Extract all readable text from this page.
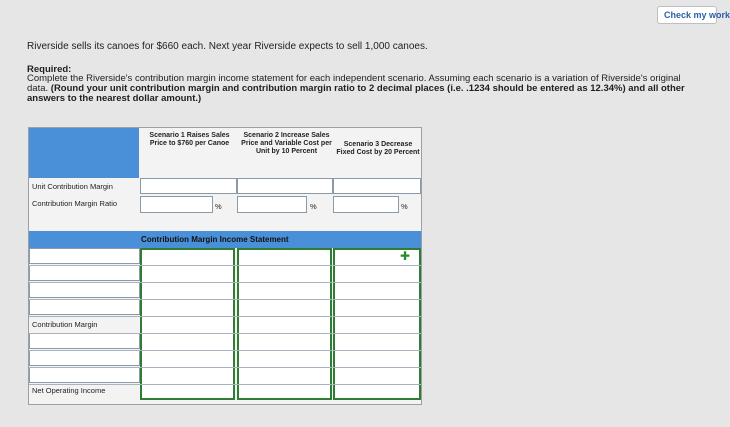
Check my work
Riverside sells its canoes for $660 each. Next year Riverside expects to sell 1,000 canoes.
Required:
Complete the Riverside's contribution margin income statement for each independent scenario. Assuming each scenario is a variation of Riverside's original data. (Round your unit contribution margin and contribution margin ratio to 2 decimal places (i.e. .1234 should be entered as 12.34%) and all other answers to the nearest dollar amount.)
Scenario 1 Raises Sales Price to $760 per Canoe
Scenario 2 Increase Sales Price and Variable Cost per Unit by 10 Percent
Scenario 3 Decrease Fixed Cost by 20 Percent
Unit Contribution Margin
Contribution Margin Ratio	%	%	%
Contribution Margin Income Statement
Contribution Margin
Net Operating Income
✚
